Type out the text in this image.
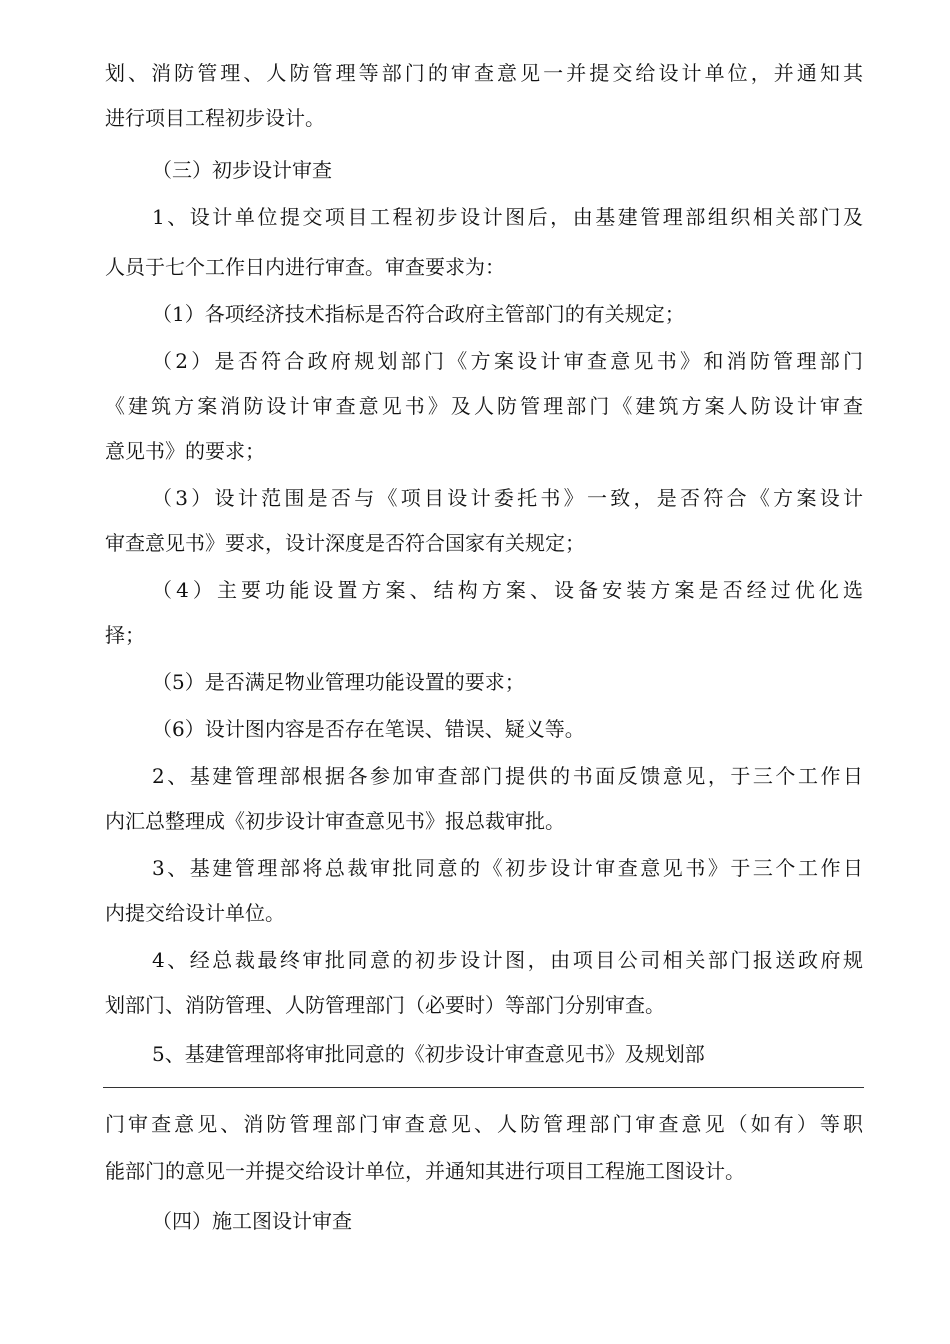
划、消防管理、人防管理等部门的审查意见一并提交给设计单位，并通知其
进行项目工程初步设计。
（三）初步设计审查
1、设计单位提交项目工程初步设计图后，由基建管理部组织相关部门及
人员于七个工作日内进行审查。审查要求为：
（1）各项经济技术指标是否符合政府主管部门的有关规定；
（2）是否符合政府规划部门《方案设计审查意见书》和消防管理部门
《建筑方案消防设计审查意见书》及人防管理部门《建筑方案人防设计审查
意见书》的要求；
（3）设计范围是否与《项目设计委托书》一致，是否符合《方案设计
审查意见书》要求，设计深度是否符合国家有关规定；
（4）主要功能设置方案、结构方案、设备安装方案是否经过优化选
择；
（5）是否满足物业管理功能设置的要求；
（6）设计图内容是否存在笔误、错误、疑义等。
2、基建管理部根据各参加审查部门提供的书面反馈意见，于三个工作日
内汇总整理成《初步设计审查意见书》报总裁审批。
3、基建管理部将总裁审批同意的《初步设计审查意见书》于三个工作日
内提交给设计单位。
4、经总裁最终审批同意的初步设计图，由项目公司相关部门报送政府规
划部门、消防管理、人防管理部门（必要时）等部门分别审查。
5、基建管理部将审批同意的《初步设计审查意见书》及规划部
门审查意见、消防管理部门审查意见、人防管理部门审查意见（如有）等职
能部门的意见一并提交给设计单位，并通知其进行项目工程施工图设计。
（四）施工图设计审查
